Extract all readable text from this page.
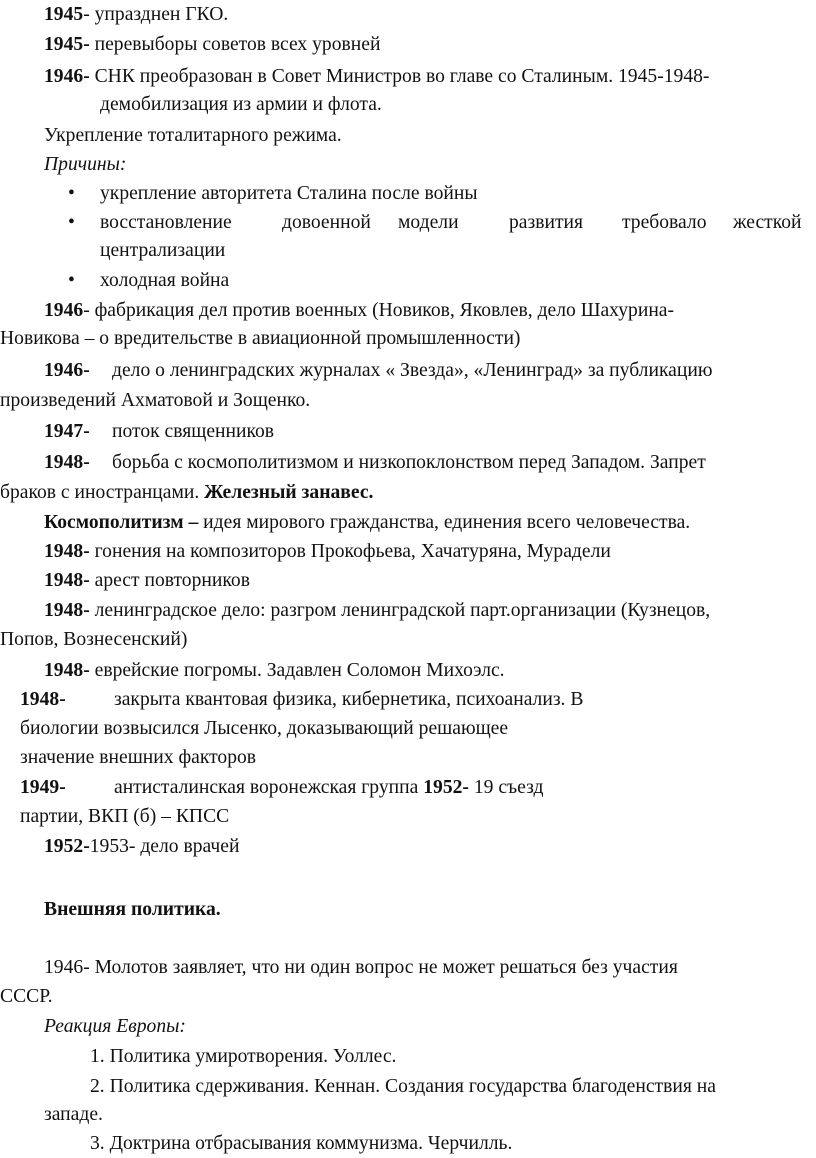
1945- упразднен ГКО.
1945- перевыборы советов всех уровней
1946- СНК преобразован в Совет Министров во главе со Сталиным. 1945-1948-
демобилизация из армии и флота.
Укрепление тоталитарного режима.
Причины:
• укрепление авторитета Сталина после войны
• восстановление	довоенной модели	развития требовало жесткой
централизации
• холодная война
1946- фабрикация дел против военных (Новиков, Яковлев, дело Шахурина-
Новикова – о вредительстве в авиационной промышленности)
1946- дело о ленинградских журналах « Звезда», «Ленинград» за публикацию
произведений Ахматовой и Зощенко.
1947- поток священников
1948- борьба с космополитизмом и низкопоклонством перед Западом. Запрет
браков с иностранцами. Железный занавес.
Космополитизм – идея мирового гражданства, единения всего человечества.
1948- гонения на композиторов Прокофьева, Хачатуряна, Мурадели
1948- арест повторников
1948- ленинградское дело: разгром ленинградской парт.организации (Кузнецов,
Попов, Вознесенский)
1948- еврейские погромы. Задавлен Соломон Михоэлс.
1948- закрыта квантовая физика, кибернетика, психоанализ. В
биологии возвысился Лысенко, доказывающий решающее
значение внешних факторов
1949- антисталинская воронежская группа 1952- 19 съезд
партии, ВКП (б) – КПСС
1952-1953- дело врачей
Внешняя политика.
1946- Молотов заявляет, что ни один вопрос не может решаться без участия
СССР.
Реакция Европы:
1. Политика умиротворения. Уоллес.
2. Политика сдерживания. Кеннан. Создания государства благоденствия на
западе.
3. Доктрина отбрасывания коммунизма. Черчилль.
